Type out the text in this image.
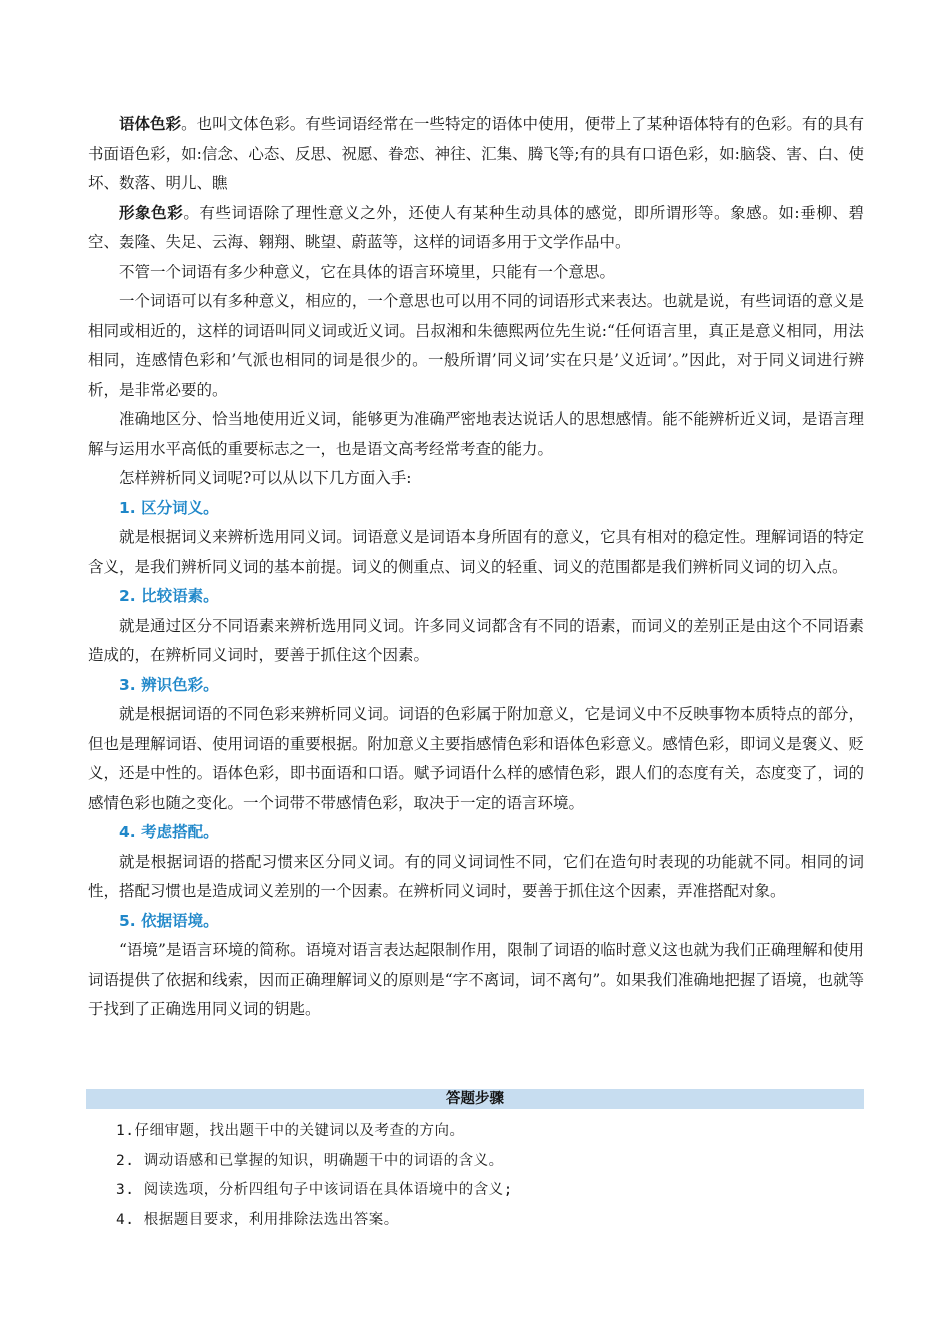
语体色彩。也叫文体色彩。有些词语经常在一些特定的语体中使用，便带上了某种语体特有的色彩。有的具有书面语色彩，如:信念、心态、反思、祝愿、眷恋、神往、汇集、腾飞等;有的具有口语色彩，如:脑袋、害、白、使坏、数落、明儿、瞧

形象色彩。有些词语除了理性意义之外，还使人有某种生动具体的感觉，即所谓形等。象感。如:垂柳、碧空、轰隆、失足、云海、翱翔、眺望、蔚蓝等，这样的词语多用于文学作品中。

不管一个词语有多少种意义，它在具体的语言环境里，只能有一个意思。

一个词语可以有多种意义，相应的，一个意思也可以用不同的词语形式来表达。也就是说，有些词语的意义是相同或相近的，这样的词语叫同义词或近义词。吕叔湘和朱德熙两位先生说:“任何语言里，真正是意义相同，用法相同，连感情色彩和’气派也相同的词是很少的。一般所谓’同义词’实在只是’义近词’。”因此，对于同义词进行辨析，是非常必要的。

准确地区分、恰当地使用近义词，能够更为准确严密地表达说话人的思想感情。能不能辨析近义词，是语言理解与运用水平高低的重要标志之一，也是语文高考经常考查的能力。

怎样辨析同义词呢?可以从以下几方面入手:

1. 区分词义。

就是根据词义来辨析选用同义词。词语意义是词语本身所固有的意义，它具有相对的稳定性。理解词语的特定含义，是我们辨析同义词的基本前提。词义的侧重点、词义的轻重、词义的范围都是我们辨析同义词的切入点。

2. 比较语素。

就是通过区分不同语素来辨析选用同义词。许多同义词都含有不同的语素，而词义的差别正是由这个不同语素造成的，在辨析同义词时，要善于抓住这个因素。

3. 辨识色彩。

就是根据词语的不同色彩来辨析同义词。词语的色彩属于附加意义，它是词义中不反映事物本质特点的部分，但也是理解词语、使用词语的重要根据。附加意义主要指感情色彩和语体色彩意义。感情色彩，即词义是褒义、贬义，还是中性的。语体色彩，即书面语和口语。赋予词语什么样的感情色彩，跟人们的态度有关，态度变了，词的感情色彩也随之变化。一个词带不带感情色彩，取决于一定的语言环境。

4. 考虑搭配。

就是根据词语的搭配习惯来区分同义词。有的同义词词性不同，它们在造句时表现的功能就不同。相同的词性，搭配习惯也是造成词义差别的一个因素。在辨析同义词时，要善于抓住这个因素，弄准搭配对象。

5. 依据语境。

“语境”是语言环境的简称。语境对语言表达起限制作用，限制了词语的临时意义这也就为我们正确理解和使用词语提供了依据和线索，因而正确理解词义的原则是“字不离词，词不离句”。如果我们准确地把握了语境，也就等于找到了正确选用同义词的钥匙。

答题步骤
1.仔细审题，找出题干中的关键词以及考查的方向。
2. 调动语感和已掌握的知识，明确题干中的词语的含义。
3. 阅读选项，分析四组句子中该词语在具体语境中的含义;
4. 根据题目要求，利用排除法选出答案。
